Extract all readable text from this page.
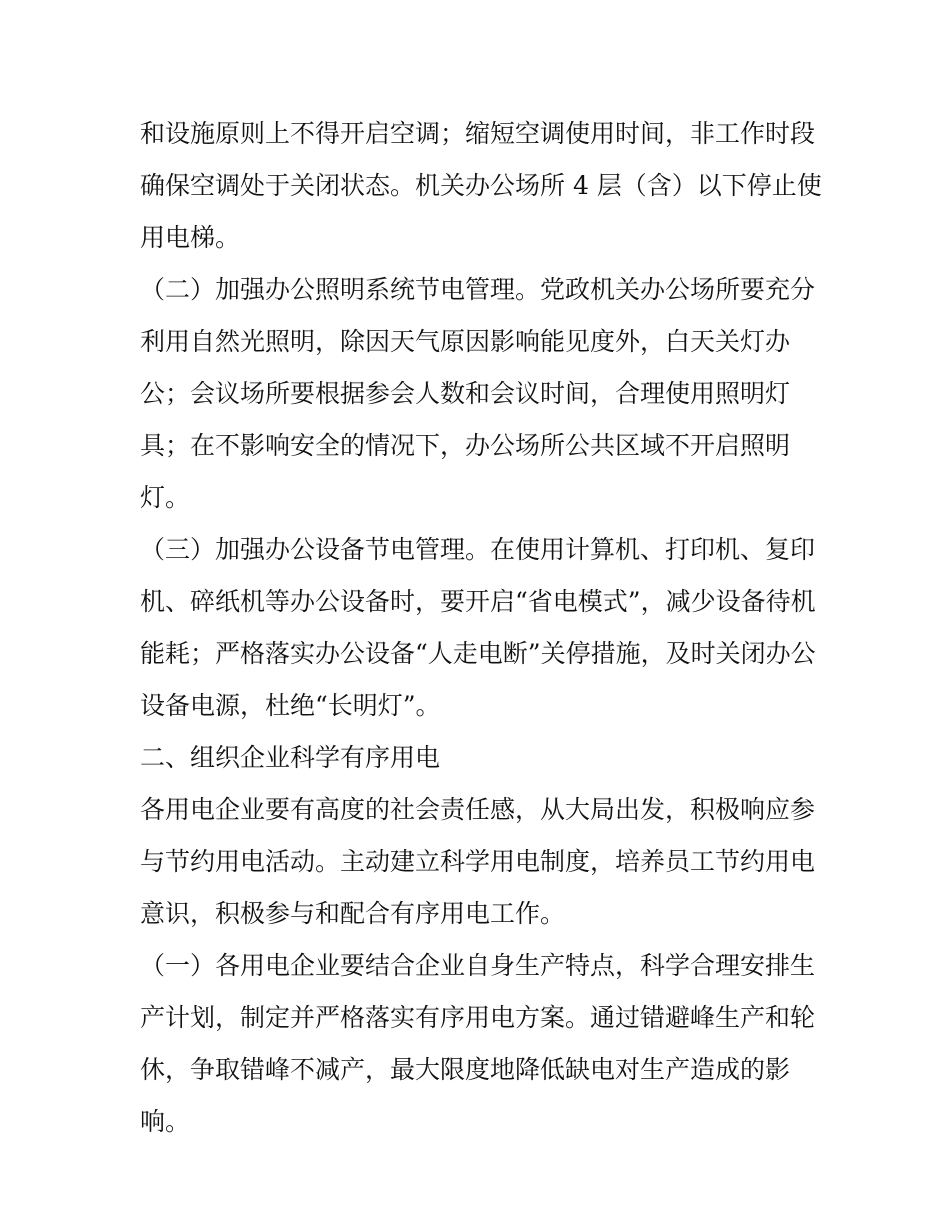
和设施原则上不得开启空调；缩短空调使用时间，非工作时段
确保空调处于关闭状态。机关办公场所 4 层（含）以下停止使
用电梯。
（二）加强办公照明系统节电管理。党政机关办公场所要充分
利用自然光照明，除因天气原因影响能见度外，白天关灯办
公；会议场所要根据参会人数和会议时间，合理使用照明灯
具；在不影响安全的情况下，办公场所公共区域不开启照明
灯。
（三）加强办公设备节电管理。在使用计算机、打印机、复印
机、碎纸机等办公设备时，要开启“省电模式”，减少设备待机
能耗；严格落实办公设备“人走电断”关停措施，及时关闭办公
设备电源，杜绝“长明灯”。
二、组织企业科学有序用电
各用电企业要有高度的社会责任感，从大局出发，积极响应参
与节约用电活动。主动建立科学用电制度，培养员工节约用电
意识，积极参与和配合有序用电工作。
（一）各用电企业要结合企业自身生产特点，科学合理安排生
产计划，制定并严格落实有序用电方案。通过错避峰生产和轮
休，争取错峰不减产，最大限度地降低缺电对生产造成的影
响。
